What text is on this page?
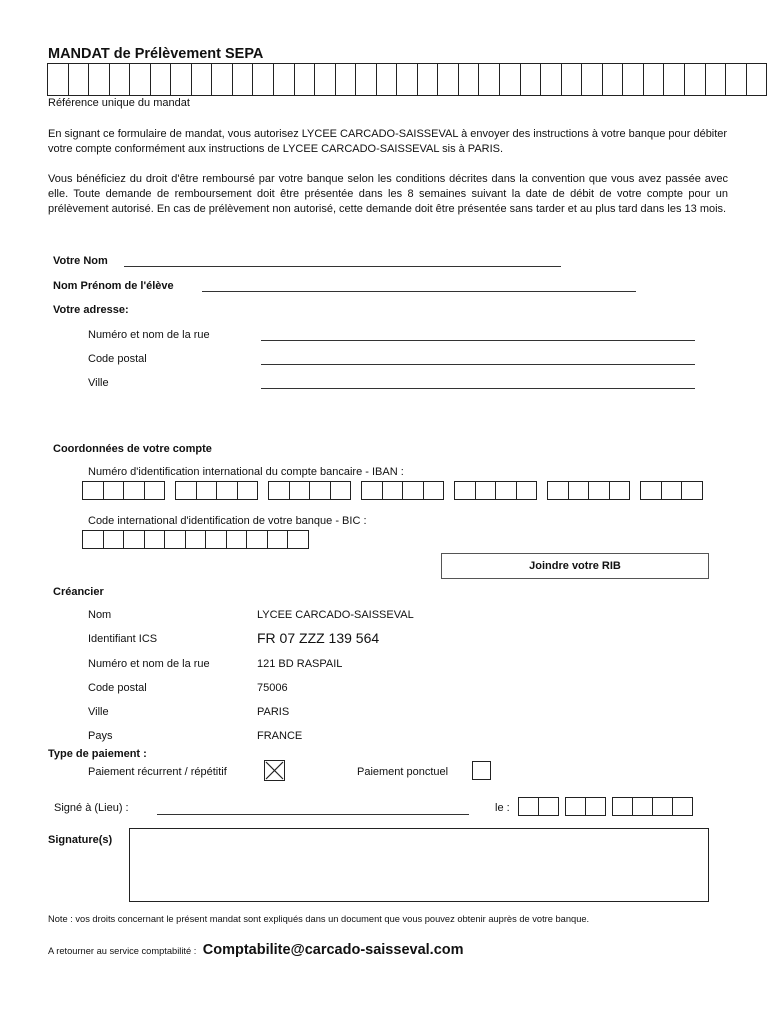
MANDAT de Prélèvement SEPA
Référence unique du mandat
En signant ce formulaire de mandat, vous autorisez LYCEE CARCADO-SAISSEVAL à envoyer des instructions à votre banque pour débiter votre compte conformément aux instructions de LYCEE CARCADO-SAISSEVAL sis à PARIS.
Vous bénéficiez du droit d'être remboursé par votre banque selon les conditions décrites dans la convention que vous avez passée avec elle. Toute demande de remboursement doit être présentée dans les 8 semaines suivant la date de débit de votre compte pour un prélèvement autorisé. En cas de prélèvement non autorisé, cette demande doit être présentée sans tarder et au plus tard dans les 13 mois.
Votre Nom
Nom Prénom de l'élève
Votre adresse:
Numéro et nom de la rue
Code postal
Ville
Coordonnées de votre compte
Numéro d'identification international du compte bancaire - IBAN :
Code international d'identification de votre banque - BIC :
Joindre votre RIB
Créancier
Nom	LYCEE CARCADO-SAISSEVAL
Identifiant ICS	FR 07 ZZZ 139 564
Numéro et nom de la rue	121 BD RASPAIL
Code postal	75006
Ville	PARIS
Pays	FRANCE
Type de paiement :
Paiement récurrent / répétitif	Paiement ponctuel
Signé à (Lieu) :	le :
Signature(s)
Note : vos droits concernant le présent mandat sont expliqués dans un document que vous pouvez obtenir auprès de votre banque.
A retourner au service comptabilité : Comptabilite@carcado-saisseval.com
